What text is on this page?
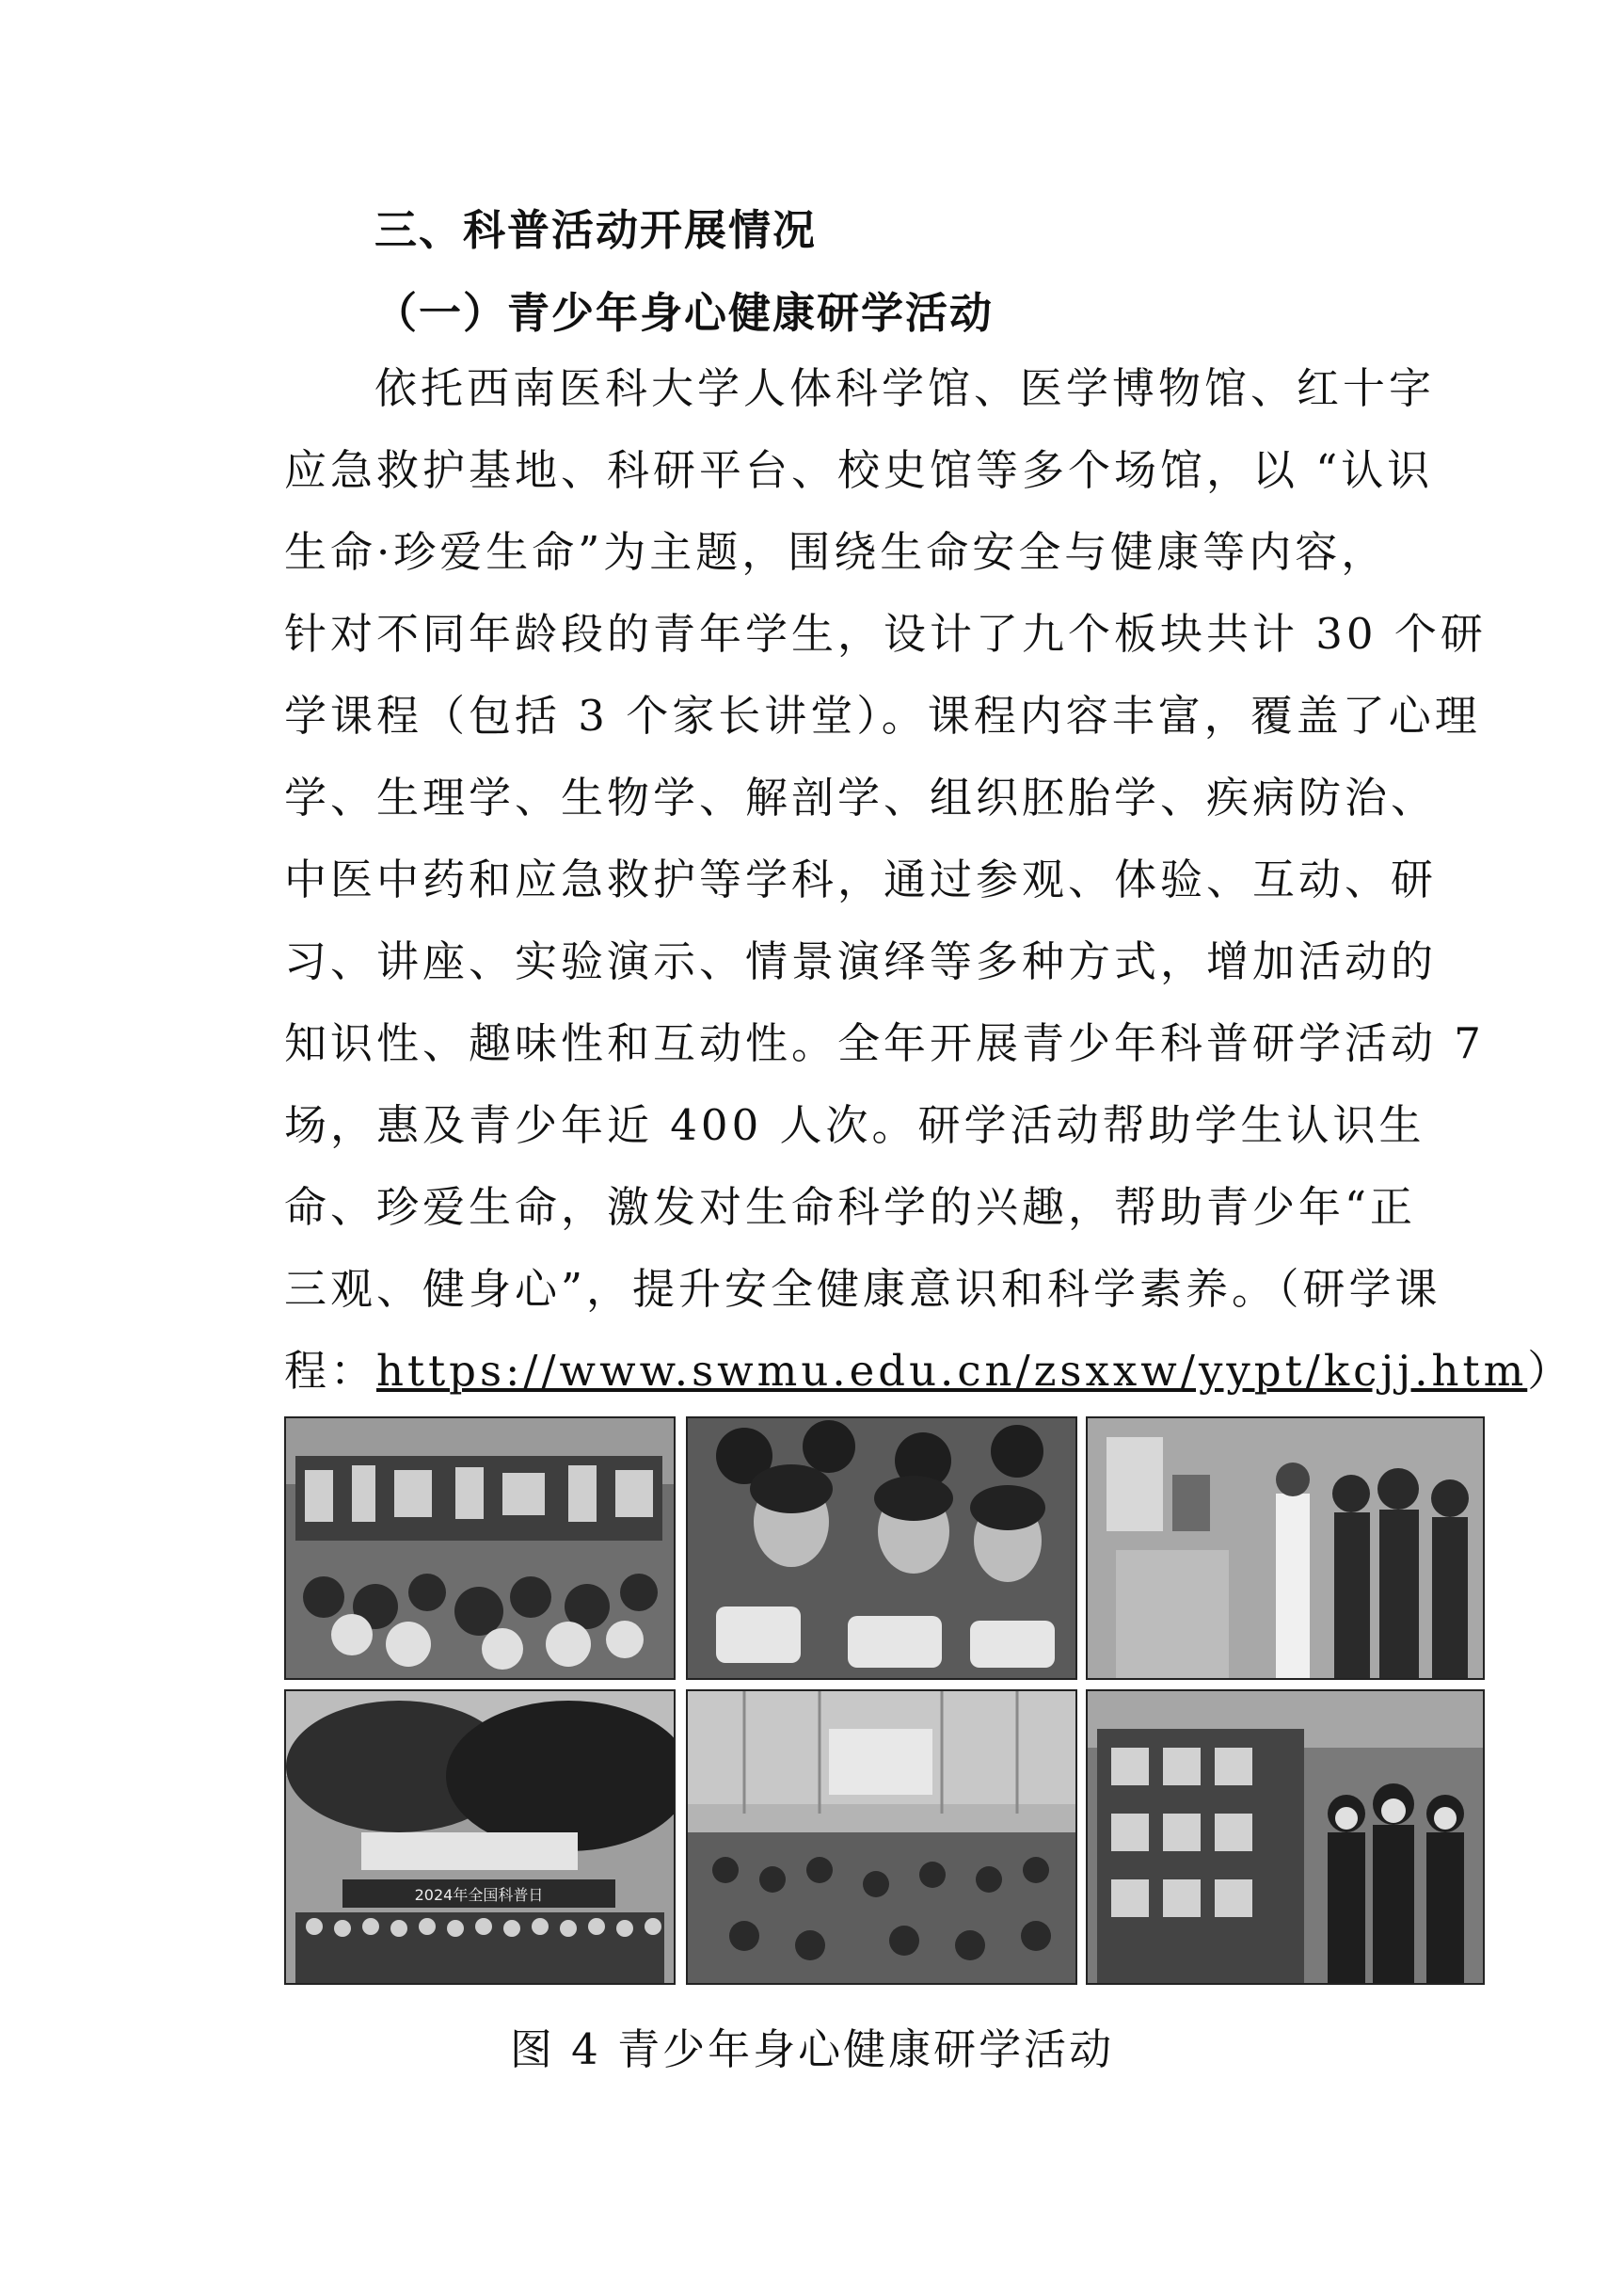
三、科普活动开展情况
（一）青少年身心健康研学活动
依托西南医科大学人体科学馆、医学博物馆、红十字
应急救护基地、科研平台、校史馆等多个场馆，以 “认识
生命·珍爱生命”为主题，围绕生命安全与健康等内容，
针对不同年龄段的青年学生，设计了九个板块共计 30 个研
学课程（包括 3 个家长讲堂）。课程内容丰富，覆盖了心理
学、生理学、生物学、解剖学、组织胚胎学、疾病防治、
中医中药和应急救护等学科，通过参观、体验、互动、研
习、讲座、实验演示、情景演绎等多种方式，增加活动的
知识性、趣味性和互动性。全年开展青少年科普研学活动 7
场，惠及青少年近 400 人次。研学活动帮助学生认识生
命、珍爱生命，激发对生命科学的兴趣，帮助青少年“正
三观、健身心”，提升安全健康意识和科学素养。（研学课
程：https://www.swmu.edu.cn/zsxxw/yypt/kcjj.htm）
2024年全国科普日
图 4 青少年身心健康研学活动
